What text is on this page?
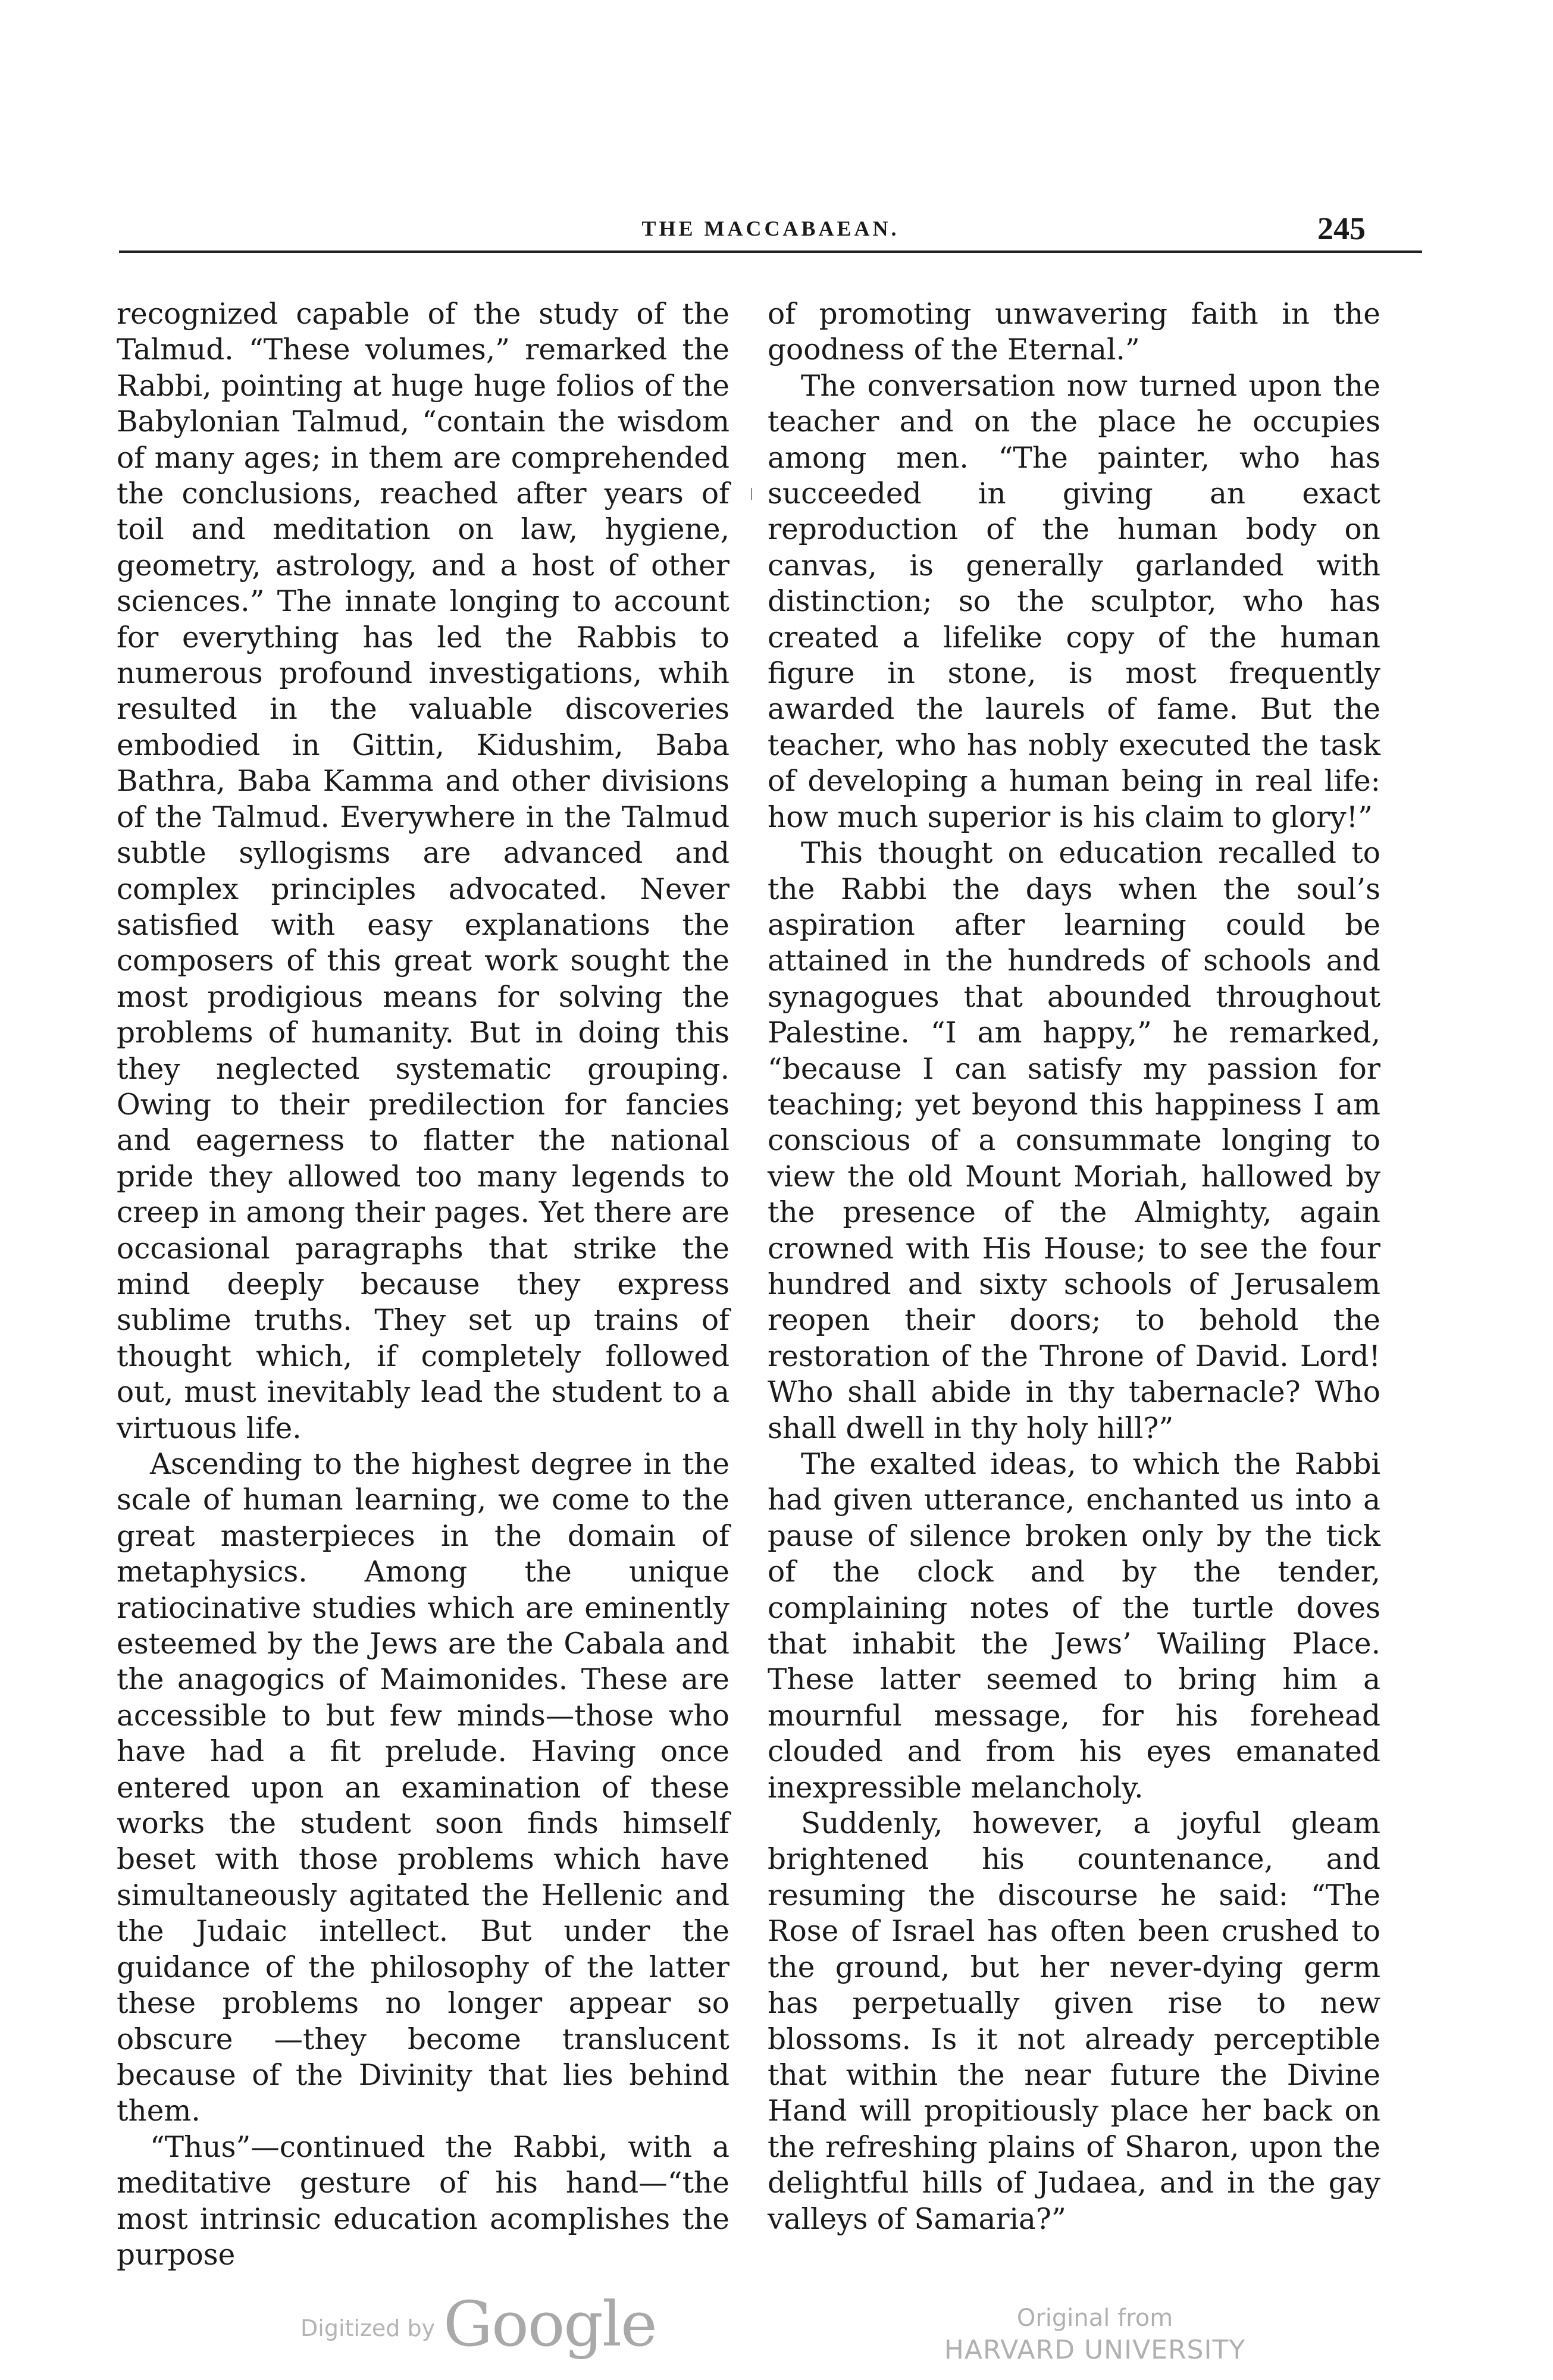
THE MACCABAEAN.	245

recognized capable of the study of the Talmud. “These volumes,” remarked the Rabbi, pointing at huge huge folios of the Babylonian Talmud, “contain the wisdom of many ages; in them are comprehended the conclusions, reached after years of toil and meditation on law, hygiene, geometry, astrology, and a host of other sciences.” The innate longing to account for everything has led the Rabbis to numerous profound investigations, whih resulted in the valuable discoveries embodied in Gittin, Kidushim, Baba Bathra, Baba Kamma and other divisions of the Talmud. Everywhere in the Talmud subtle syllogisms are advanced and complex principles advocated. Never satisfied with easy explanations the composers of this great work sought the most prodigious means for solving the problems of humanity. But in doing this they neglected systematic grouping. Owing to their predilection for fancies and eagerness to flatter the national pride they allowed too many legends to creep in among their pages. Yet there are occasional paragraphs that strike the mind deeply because they express sublime truths. They set up trains of thought which, if completely followed out, must inevitably lead the student to a virtuous life.

Ascending to the highest degree in the scale of human learning, we come to the great masterpieces in the domain of metaphysics. Among the unique ratiocinative studies which are eminently esteemed by the Jews are the Cabala and the anagogics of Maimonides. These are accessible to but few minds—those who have had a fit prelude. Having once entered upon an examination of these works the student soon finds himself beset with those problems which have simultaneously agitated the Hellenic and the Judaic intellect. But under the guidance of the philosophy of the latter these problems no longer appear so obscure —they become translucent because of the Divinity that lies behind them.

“Thus”—continued the Rabbi, with a meditative gesture of his hand—“the most intrinsic education acomplishes the purpose

of promoting unwavering faith in the goodness of the Eternal.”

The conversation now turned upon the teacher and on the place he occupies among men. “The painter, who has succeeded in giving an exact reproduction of the human body on canvas, is generally garlanded with distinction; so the sculptor, who has created a lifelike copy of the human figure in stone, is most frequently awarded the laurels of fame. But the teacher, who has nobly executed the task of developing a human being in real life: how much superior is his claim to glory!”

This thought on education recalled to the Rabbi the days when the soul’s aspiration after learning could be attained in the hundreds of schools and synagogues that abounded throughout Palestine. “I am happy,” he remarked, “because I can satisfy my passion for teaching; yet beyond this happiness I am conscious of a consummate longing to view the old Mount Moriah, hallowed by the presence of the Almighty, again crowned with His House; to see the four hundred and sixty schools of Jerusalem reopen their doors; to behold the restoration of the Throne of David. Lord! Who shall abide in thy tabernacle? Who shall dwell in thy holy hill?”

The exalted ideas, to which the Rabbi had given utterance, enchanted us into a pause of silence broken only by the tick of the clock and by the tender, complaining notes of the turtle doves that inhabit the Jews’ Wailing Place. These latter seemed to bring him a mournful message, for his forehead clouded and from his eyes emanated inexpressible melancholy.

Suddenly, however, a joyful gleam brightened his countenance, and resuming the discourse he said: “The Rose of Israel has often been crushed to the ground, but her never-dying germ has perpetually given rise to new blossoms. Is it not already perceptible that within the near future the Divine Hand will propitiously place her back on the refreshing plains of Sharon, upon the delightful hills of Judaea, and in the gay valleys of Samaria?”

Digitized by Google	Original from
HARVARD UNIVERSITY
